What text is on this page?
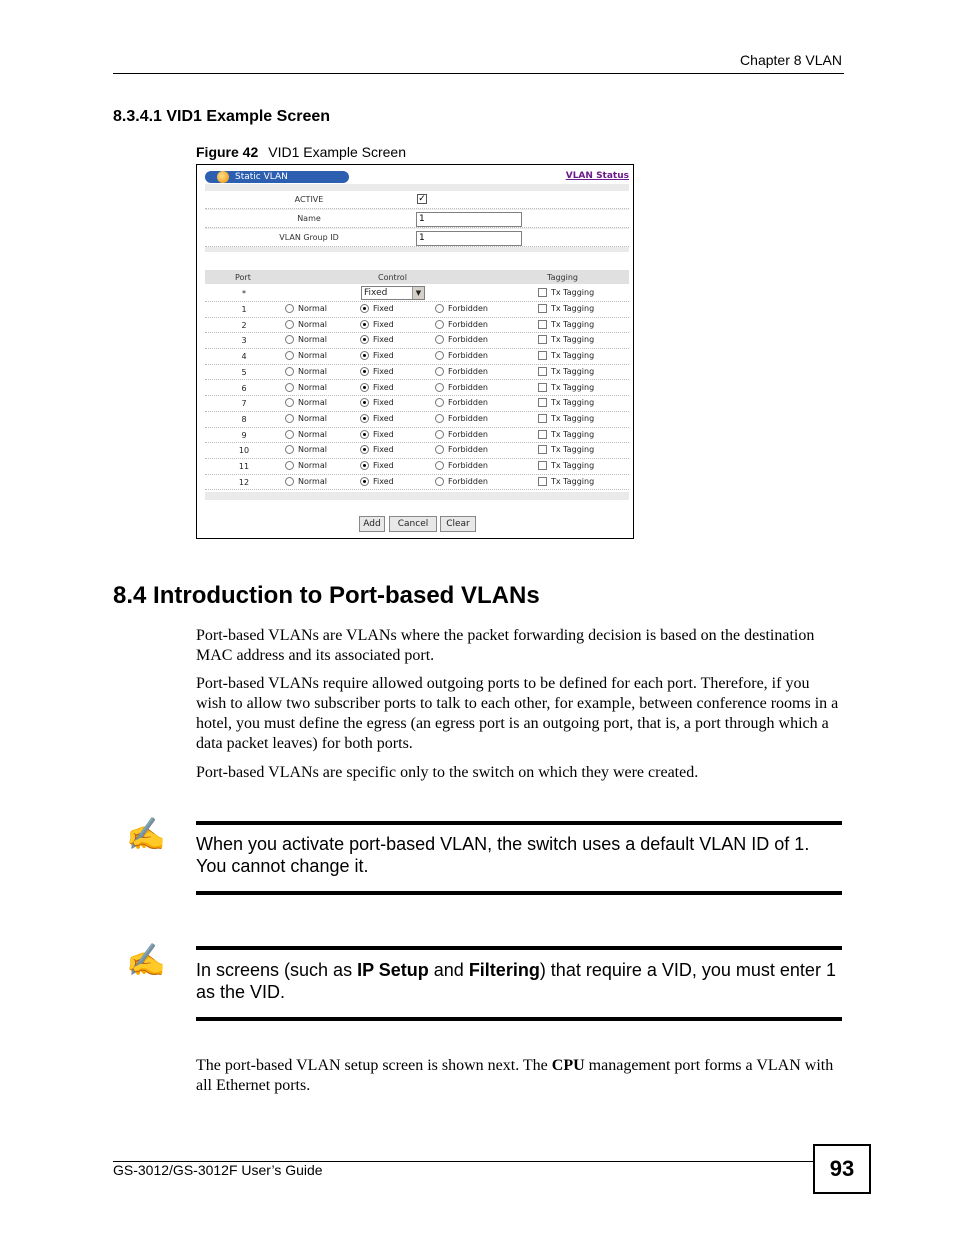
Chapter 8 VLAN
8.3.4.1 VID1 Example Screen
Figure 42 VID1 Example Screen
Static VLAN	VLAN Status
ACTIVE	✓
Name	1
VLAN Group ID	1
Port	Control	Tagging
*	Fixed	▼	Tx Tagging
1	Normal	Fixed	Forbidden	Tx Tagging
2	Normal	Fixed	Forbidden	Tx Tagging
3	Normal	Fixed	Forbidden	Tx Tagging
4	Normal	Fixed	Forbidden	Tx Tagging
5	Normal	Fixed	Forbidden	Tx Tagging
6	Normal	Fixed	Forbidden	Tx Tagging
7	Normal	Fixed	Forbidden	Tx Tagging
8	Normal	Fixed	Forbidden	Tx Tagging
9	Normal	Fixed	Forbidden	Tx Tagging
10	Normal	Fixed	Forbidden	Tx Tagging
11	Normal	Fixed	Forbidden	Tx Tagging
12	Normal	Fixed	Forbidden	Tx Tagging
Add	Cancel	Clear
8.4 Introduction to Port-based VLANs
Port-based VLANs are VLANs where the packet forwarding decision is based on the destination MAC address and its associated port.
Port-based VLANs require allowed outgoing ports to be defined for each port. Therefore, if you wish to allow two subscriber ports to talk to each other, for example, between conference rooms in a hotel, you must define the egress (an egress port is an outgoing port, that is, a port through which a data packet leaves) for both ports.
Port-based VLANs are specific only to the switch on which they were created.
✍ When you activate port-based VLAN, the switch uses a default VLAN ID of 1. You cannot change it.
✍ In screens (such as IP Setup and Filtering) that require a VID, you must enter 1 as the VID.
The port-based VLAN setup screen is shown next. The CPU management port forms a VLAN with all Ethernet ports.
GS-3012/GS-3012F User’s Guide	93
